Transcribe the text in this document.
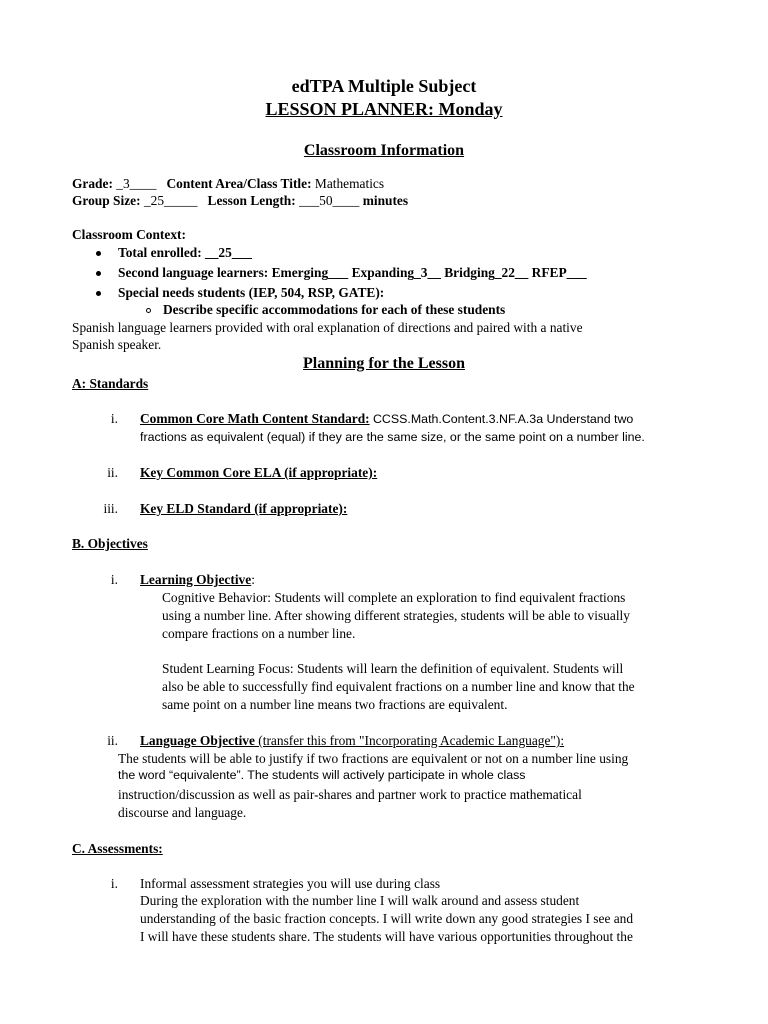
edTPA Multiple Subject
LESSON PLANNER: Monday
Classroom Information
Grade: _3____ Content Area/Class Title: Mathematics
Group Size: _25_____ Lesson Length: ___50____ minutes
Classroom Context:
Total enrolled: __25___
Second language learners: Emerging___ Expanding_3__ Bridging_22__ RFEP___
Special needs students (IEP, 504, RSP, GATE):
Describe specific accommodations for each of these students
Spanish language learners provided with oral explanation of directions and paired with a native
Spanish speaker.
Planning for the Lesson
A: Standards
i. Common Core Math Content Standard: CCSS.Math.Content.3.NF.A.3a Understand two
fractions as equivalent (equal) if they are the same size, or the same point on a number line.
ii. Key Common Core ELA (if appropriate):
iii. Key ELD Standard (if appropriate):
B. Objectives
i. Learning Objective:
Cognitive Behavior: Students will complete an exploration to find equivalent fractions
using a number line. After showing different strategies, students will be able to visually
compare fractions on a number line.
Student Learning Focus: Students will learn the definition of equivalent. Students will
also be able to successfully find equivalent fractions on a number line and know that the
same point on a number line means two fractions are equivalent.
ii. Language Objective (transfer this from "Incorporating Academic Language"):
The students will be able to justify if two fractions are equivalent or not on a number line using
the word “equivalente”. The students will actively participate in whole class
instruction/discussion as well as pair-shares and partner work to practice mathematical
discourse and language.
C. Assessments:
i. Informal assessment strategies you will use during class
During the exploration with the number line I will walk around and assess student
understanding of the basic fraction concepts. I will write down any good strategies I see and
I will have these students share. The students will have various opportunities throughout the
